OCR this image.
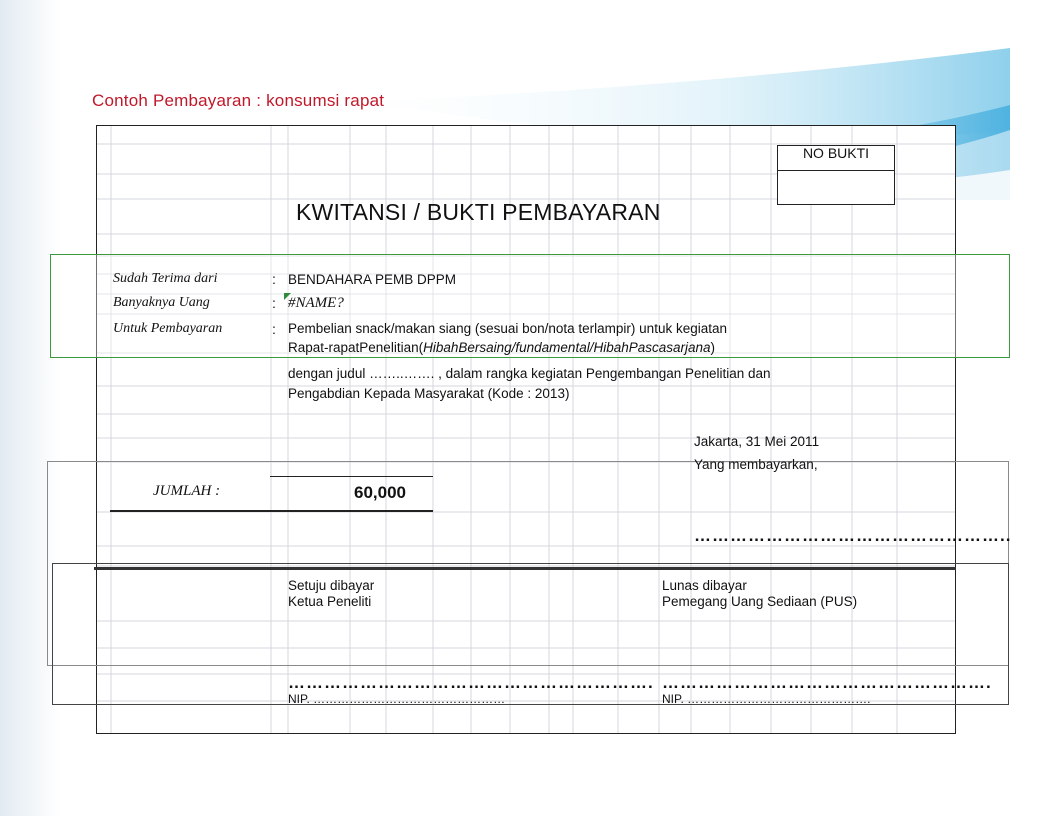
Contoh Pembayaran : konsumsi rapat
NO BUKTI
KWITANSI / BUKTI PEMBAYARAN
Sudah Terima dari	: BENDAHARA PEMB DPPM
Banyaknya Uang	: #NAME?
Untuk Pembayaran	: Pembelian snack/makan siang (sesuai bon/nota terlampir) untuk kegiatan
Rapat-rapatPenelitian(HibahBersaing/fundamental/HibahPascasarjana)
dengan judul ……..……. , dalam rangka kegiatan Pengembangan Penelitian dan
Pengabdian Kepada Masyarakat (Kode : 2013)
Jakarta, 31 Mei 2011
Yang membayarkan,
……………………………………………..
JUMLAH :	60,000
Setuju dibayar
Ketua Peneliti
Lunas dibayar
Pemegang Uang Sediaan (PUS)
……………………………………………………. ……………………………………………….
NIP. …………………………………………	NIP. ……………………………………….
